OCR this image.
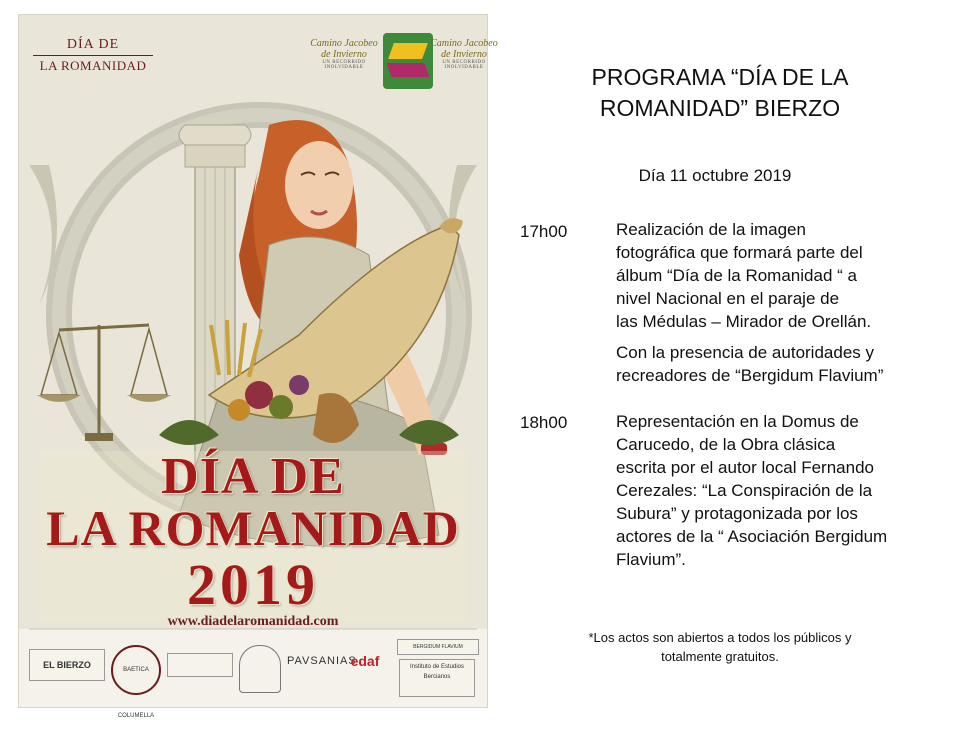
DÍA DE
LA ROMANIDAD
Camino Jacobeo de Invierno
UN RECORRIDO INOLVIDABLE
Camino Jacobeo de Invierno
UN RECORRIDO INOLVIDABLE
DÍA DE
LA ROMANIDAD
2019
www.diadelaromanidad.com
EL BIERZO	BAETICA COLUMELLA
PAVSANIAS
edaf
BERGIDUM FLAVIUM
Instituto de Estudios Bercianos
PROGRAMA “DÍA DE LA
ROMANIDAD” BIERZO
Día 11 octubre 2019
17h00	Realización de la imagen
fotográfica que formará parte del
álbum “Día de la Romanidad “ a
nivel Nacional en el paraje de
las Médulas – Mirador de Orellán.
Con la presencia de autoridades y
recreadores de “Bergidum Flavium”
18h00	Representación en la Domus de
Carucedo, de la Obra clásica
escrita por el autor local Fernando
Cerezales: “La Conspiración de la
Subura” y protagonizada por los
actores de la “ Asociación Bergidum
Flavium”.
*Los actos son abiertos a todos los públicos y
totalmente gratuitos.
